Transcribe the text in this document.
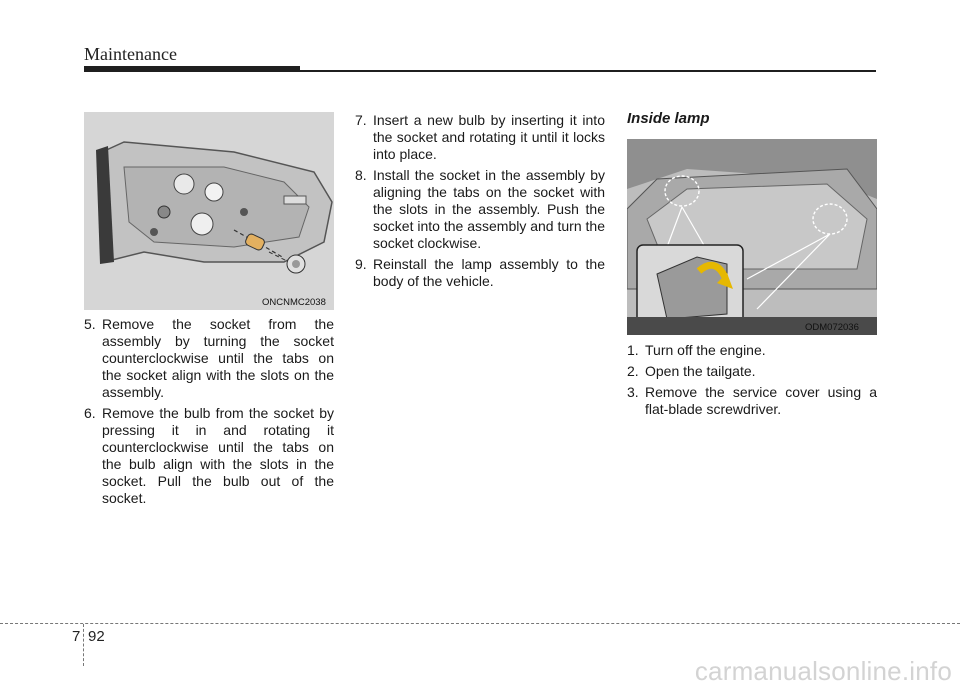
Maintenance
ONCNMC2038

5. Remove the socket from the assembly by turning the socket counterclockwise until the tabs on the socket align with the slots on the assembly.

6. Remove the bulb from the socket by pressing it in and rotating it counterclockwise until the tabs on the bulb align with the slots in the socket. Pull the bulb out of the socket.

7. Insert a new bulb by inserting it into the socket and rotating it until it locks into place.

8. Install the socket in the assembly by aligning the tabs on the socket with the slots in the assembly. Push the socket into the assembly and turn the socket clockwise.

9. Reinstall the lamp assembly to the body of the vehicle.

Inside lamp
ODM072036

1. Turn off the engine.

2. Open the tailgate.

3. Remove the service cover using a flat-blade screwdriver.

7 92
carmanualsonline.info
